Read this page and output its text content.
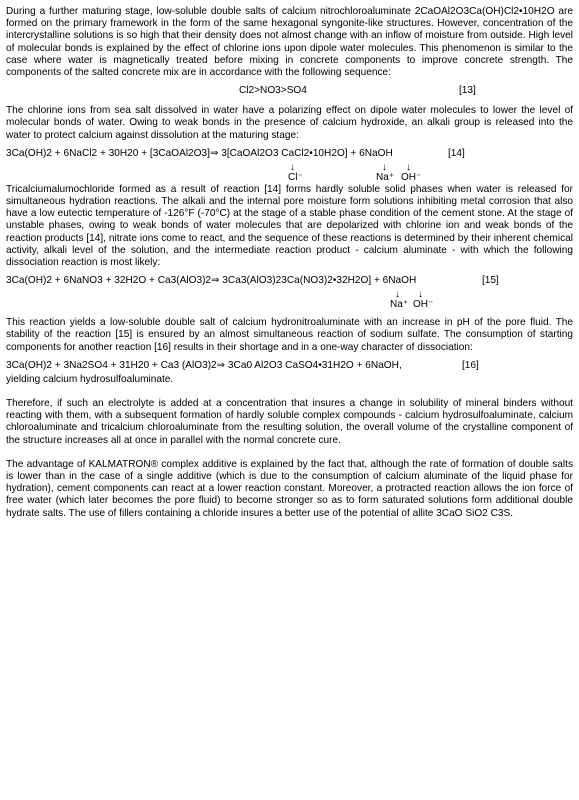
During a further maturing stage, low-soluble double salts of calcium nitrochloroaluminate 2CaOAl2O3Ca(OH)Cl2•10H2O are formed on the primary framework in the form of the same hexagonal syngonite-like structures. However, concentration of the intercrystalline solutions is so high that their density does not almost change with an inflow of moisture from outside. High level of molecular bonds is explained by the effect of chlorine ions upon dipole water molecules. This phenomenon is similar to the case where water is magnetically treated before mixing in concrete components to improve concrete strength. The components of the salted concrete mix are in accordance with the following sequence:

Cl2>NO3>SO4	[13]

The chlorine ions from sea salt dissolved in water have a polarizing effect on dipole water molecules to lower the level of molecular bonds of water. Owing to weak bonds in the presence of calcium hydroxide, an alkali group is released into the water to protect calcium against dissolution at the maturing stage:

3Ca(OH)2 + 6NaCl2 + 30H20 + [3CaOAl2O3]⇒ 3[CaOAl2O3 CaCl2•10H2O] + 6NaOH	[14]
↓	↓ ↓
Cl⁻	Na⁺ OH⁻

Tricalciumalumochloride formed as a result of reaction [14] forms hardly soluble solid phases when water is released for simultaneous hydration reactions. The alkali and the internal pore moisture form solutions inhibiting metal corrosion that also have a low eutectic temperature of -126°F (-70°C) at the stage of a stable phase condition of the cement stone. At the stage of unstable phases, owing to weak bonds of water molecules that are depolarized with chlorine ion and weak bonds of the reaction products [14], nitrate ions come to react, and the sequence of these reactions is determined by their inherent chemical activity, alkali level of the solution, and the intermediate reaction product - calcium aluminate - with which the following dissociation reaction is most likely:

3Ca(OH)2 + 6NaNO3 + 32H2O + Ca3(AlO3)2⇒ 3Ca3(AlO3)23Ca(NO3)2•32H2O] + 6NaOH	[15]
↓ ↓
Na⁺ OH⁻

This reaction yields a low-soluble double salt of calcium hydronitroaluminate with an increase in pH of the pore fluid. The stability of the reaction [15] is ensured by an almost simultaneous reaction of sodium sulfate. The consumption of starting components for another reaction [16] results in their shortage and in a one-way character of dissociation:

3Ca(OH)2 + 3Na2SO4 + 31H20 + Ca3 (AlO3)2⇒ 3Ca0 Al2O3 CaSO4•31H2O + 6NaOH,	[16]

yielding calcium hydrosulfoaluminate.

Therefore, if such an electrolyte is added at a concentration that insures a change in solubility of mineral binders without reacting with them, with a subsequent formation of hardly soluble complex compounds - calcium hydrosulfoaluminate, calcium chloroaluminate and tricalcium chloroaluminate from the resulting solution, the overall volume of the crystalline component of the structure increases all at once in parallel with the normal concrete cure.

The advantage of KALMATRON® complex additive is explained by the fact that, although the rate of formation of double salts is lower than in the case of a single additive (which is due to the consumption of calcium aluminate of the liquid phase for hydration), cement components can react at a lower reaction constant. Moreover, a protracted reaction allows the ion force of free water (which later becomes the pore fluid) to become stronger so as to form saturated solutions form additional double hydrate salts. The use of fillers containing a chloride insures a better use of the potential of allite 3CaO SiO2 C3S.
